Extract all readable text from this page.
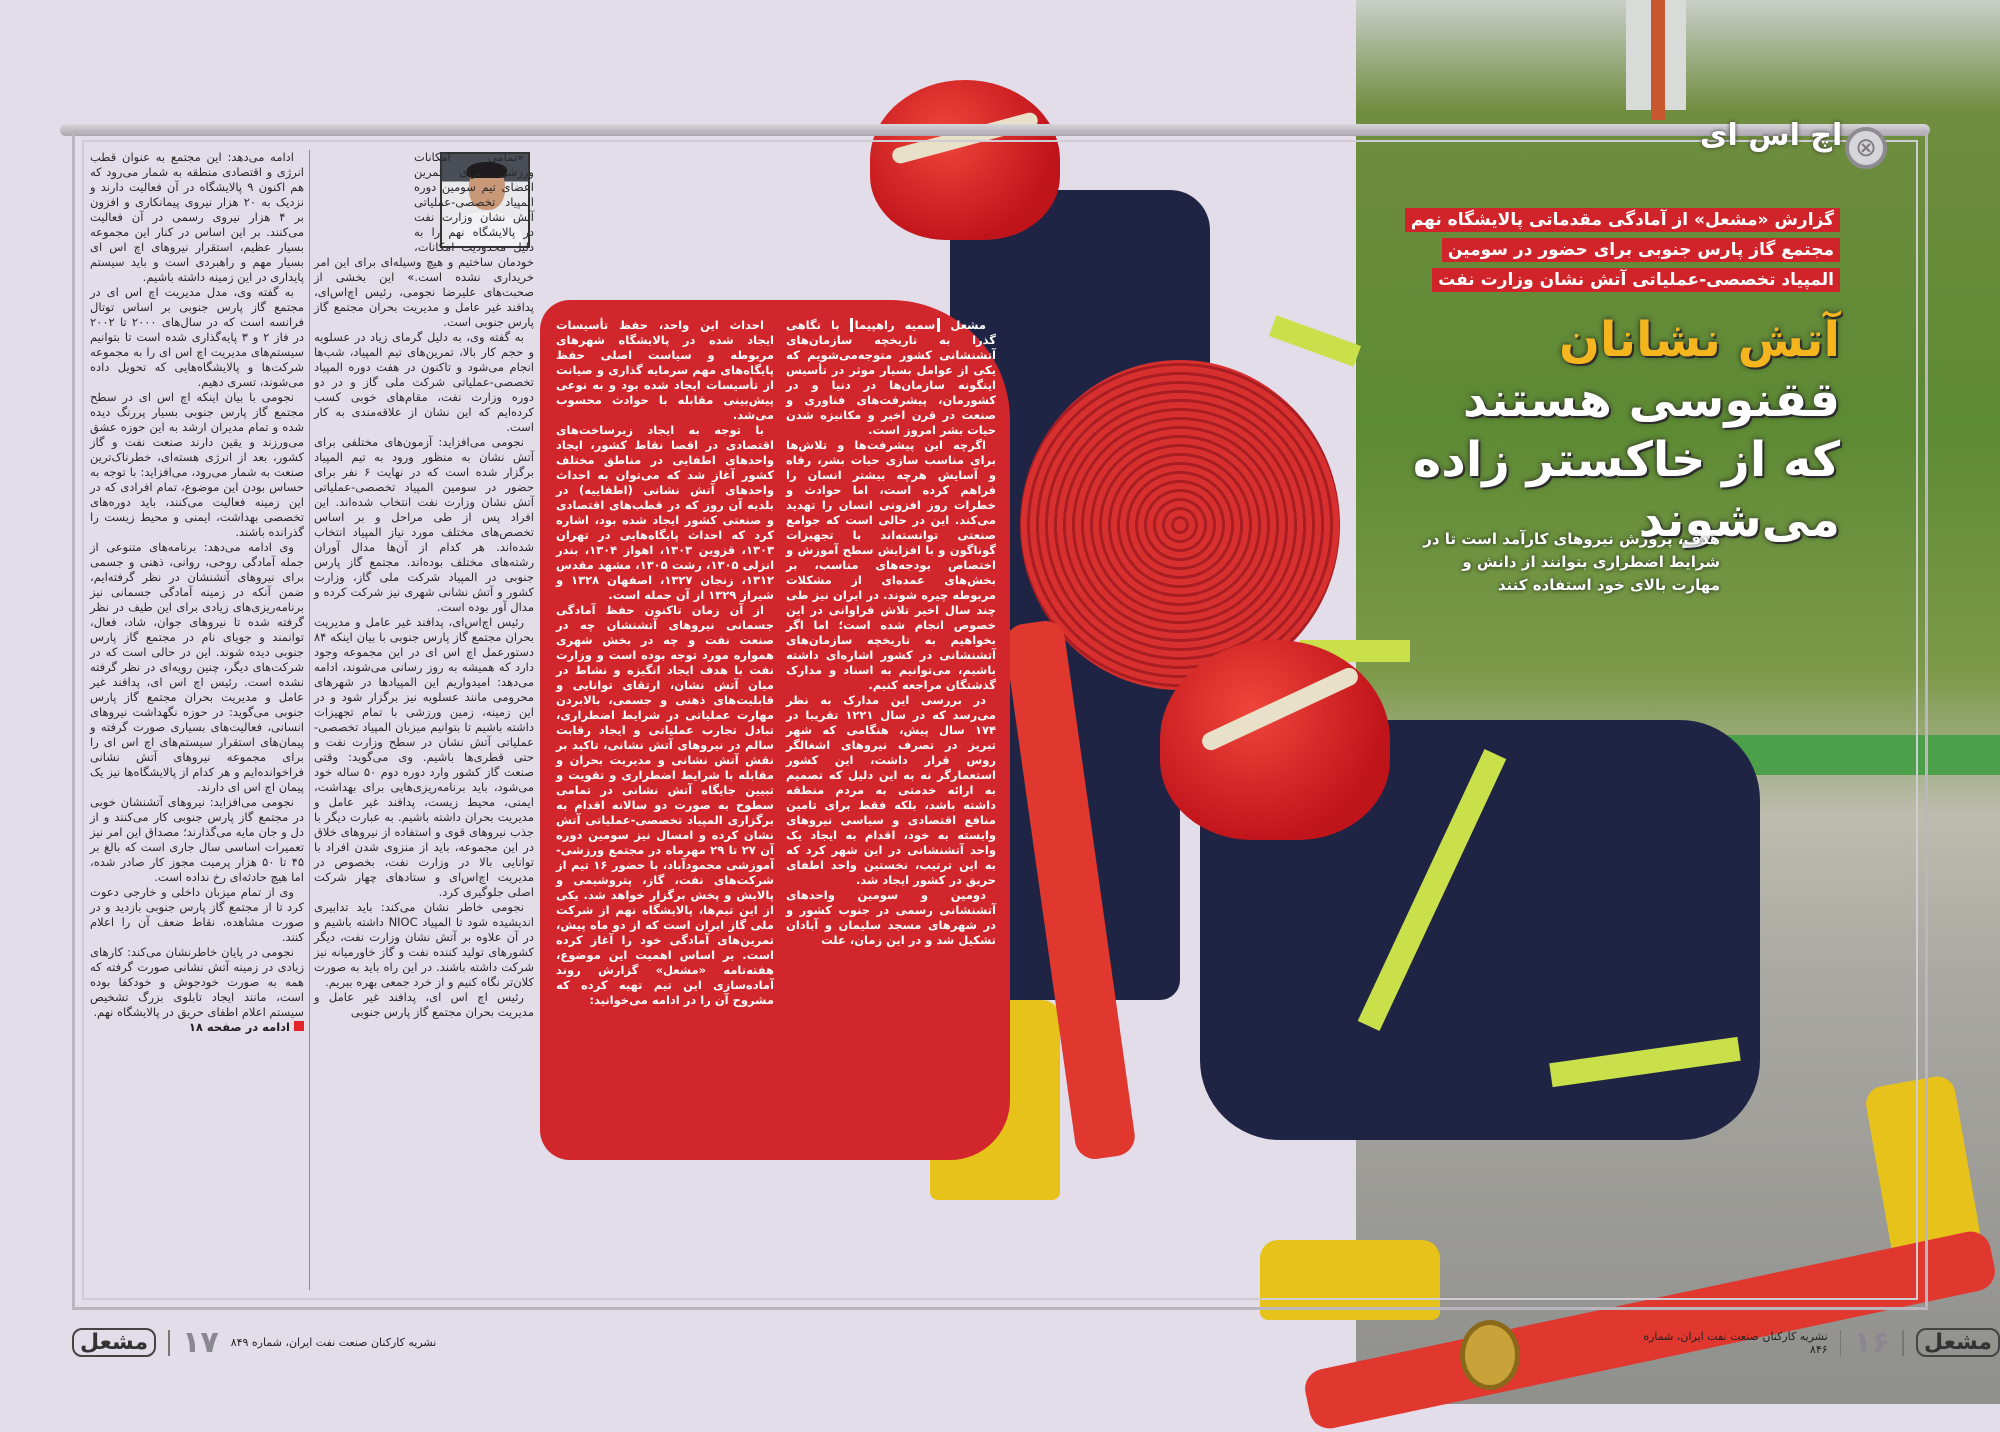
⊗
اچ اس ای
گزارش «مشعل» از آمادگی مقدماتی پالایشگاه نهم مجتمع گاز پارس جنوبی برای حضور در سومین المپیاد تخصصی-عملیاتی آتش نشان وزارت نفت
آتش نشانان
ققنوسی هستند که از خاکستر زاده می‌شوند
هدف، پرورش نیروهای کارآمد است تا در شرایط اضطراری بتوانند از دانش و مهارت بالای خود استفاده کنند

ادامه می‌دهد: این مجتمع به عنوان قطب انرژی و اقتصادی منطقه به شمار می‌رود که هم اکنون ۹ پالایشگاه در آن فعالیت دارند و نزدیک به ۲۰ هزار نیروی پیمانکاری و افزون بر ۴ هزار نیروی رسمی در آن فعالیت می‌کنند. بر این اساس در کنار این مجموعه بسیار عظیم، استقرار نیروهای اچ اس ای بسیار مهم و راهبردی است و باید سیستم پایداری در این زمینه داشته باشیم.

به گفته وی، مدل مدیریت اچ اس ای در مجتمع گاز پارس جنوبی بر اساس توتال فرانسه است که در سال‌های ۲۰۰۰ تا ۲۰۰۲ در فاز ۲ و ۳ پایه‌گذاری شده است تا بتوانیم سیستم‌های مدیریت اچ اس ای را به مجموعه شرکت‌ها و پالایشگاه‌هایی که تحویل داده می‌شوند، تسری دهیم.

نجومی با بیان اینکه اچ اس ای در سطح مجتمع گاز پارس جنوبی بسیار پررنگ دیده شده و تمام مدیران ارشد به این حوزه عشق می‌ورزند و یقین دارند صنعت نفت و گاز کشور، بعد از انرژی هسته‌ای، خطرناک‌ترین صنعت به شمار می‌رود، می‌افزاید: با توجه به حساس بودن این موضوع، تمام افرادی که در این زمینه فعالیت می‌کنند، باید دوره‌های تخصصی بهداشت، ایمنی و محیط زیست را گذرانده باشند.

وی ادامه می‌دهد: برنامه‌های متنوعی از جمله آمادگی روحی، روانی، ذهنی و جسمی برای نیروهای آتشنشان در نظر گرفته‌ایم، ضمن آنکه در زمینه آمادگی جسمانی نیز برنامه‌ریزی‌های زیادی برای این طیف در نظر گرفته شده تا نیروهای جوان، شاد، فعال، توانمند و جویای نام در مجتمع گاز پارس جنوبی دیده شوند. این در حالی است که در شرکت‌های دیگر، چنین رویه‌ای در نظر گرفته نشده است. رئیس اچ اس ای، پدافند غیر عامل و مدیریت بحران مجتمع گاز پارس جنوبی می‌گوید: در حوزه نگهداشت نیروهای انسانی، فعالیت‌های بسیاری صورت گرفته و پیمان‌های استقرار سیستم‌های اچ اس ای را برای مجموعه نیروهای آتش نشانی فراخوانده‌ایم و هر کدام از پالایشگاه‌ها نیز یک پیمان اچ اس ای دارند.

نجومی می‌افزاید: نیروهای آتشنشان خوبی در مجتمع گاز پارس جنوبی کار می‌کنند و از دل و جان مایه می‌گذارند؛ مصداق این امر نیز تعمیرات اساسی سال جاری است که بالغ بر ۴۵ تا ۵۰ هزار پرمیت مجوز کار صادر شده، اما هیچ حادثه‌ای رخ نداده است.

وی از تمام میزبان داخلی و خارجی دعوت کرد تا از مجتمع گاز پارس جنوبی بازدید و در صورت مشاهده، نقاط ضعف آن را اعلام کنند.

نجومی در پایان خاطرنشان می‌کند: کارهای زیادی در زمینه آتش نشانی صورت گرفته که همه به صورت خودجوش و خودکفا بوده است، مانند ایجاد تابلوی بزرگ تشخیص سیستم اعلام اطفای حریق در پالایشگاه نهم.

ادامه در صفحه ۱۸

«تمامی امکانات ورزشی برای تمرین اعضای تیم سومین دوره المپیاد تخصصی-عملیاتی آتش نشان وزارت نفت در پالایشگاه نهم را به دلیل محدودیت امکانات، خودمان ساختیم و هیچ وسیله‌ای برای این امر خریداری نشده است.» این بخشی از صحبت‌های علیرضا نجومی، رئیس اچ‌اس‌ای، پدافند غیر عامل و مدیریت بحران مجتمع گاز پارس جنوبی است.

به گفته وی، به دلیل گرمای زیاد در عسلویه و حجم کار بالا، تمرین‌های تیم المپیاد، شب‌ها انجام می‌شود و تاکنون در هفت دوره المپیاد تخصصی-عملیاتی شرکت ملی گاز و در دو دوره وزارت نفت، مقام‌های خوبی کسب کرده‌ایم که این نشان از علاقه‌مندی به کار است.

نجومی می‌افزاید: آزمون‌های مختلفی برای آتش نشان به منظور ورود به تیم المپیاد برگزار شده است که در نهایت ۶ نفر برای حضور در سومین المپیاد تخصصی-عملیاتی آتش نشان وزارت نفت انتخاب شده‌اند. این افراد پس از طی مراحل و بر اساس تخصص‌های مختلف مورد نیاز المپیاد انتخاب شده‌اند. هر کدام از آن‌ها مدال آوران رشته‌های مختلف بوده‌اند. مجتمع گاز پارس جنوبی در المپیاد شرکت ملی گاز، وزارت کشور و آتش نشانی شهری نیز شرکت کرده و مدال آور بوده است.

رئیس اچ‌اس‌ای، پدافند غیر عامل و مدیریت بحران مجتمع گاز پارس جنوبی با بیان اینکه ۸۴ دستورعمل اچ اس ای در این مجموعه وجود دارد که همیشه به روز رسانی می‌شوند، ادامه می‌دهد: امیدواریم این المپیادها در شهرهای محرومی مانند عسلویه نیز برگزار شود و در این زمینه، زمین ورزشی با تمام تجهیزات داشته باشیم تا بتوانیم میزبان المپیاد تخصصی-عملیاتی آتش نشان در سطح وزارت نفت و حتی قطری‌ها باشیم. وی می‌گوید: وقتی صنعت گاز کشور وارد دوره دوم ۵۰ ساله خود می‌شود، باید برنامه‌ریزی‌هایی برای بهداشت، ایمنی، محیط زیست، پدافند غیر عامل و مدیریت بحران داشته باشیم. به عبارت دیگر با جذب نیروهای قوی و استفاده از نیروهای خلاق در این مجموعه، باید از منزوی شدن افراد با توانایی بالا در وزارت نفت، بخصوص در مدیریت اچ‌اس‌ای و ستادهای چهار شرکت اصلی جلوگیری کرد.

نجومی خاطر نشان می‌کند: باید تدابیری اندیشیده شود تا المپیاد NIOC داشته باشیم و در آن علاوه بر آتش نشان وزارت نفت، دیگر کشورهای تولید کننده نفت و گاز خاورمیانه نیز شرکت داشته باشند. در این راه باید به صورت کلان‌تر نگاه کنیم و از خرد جمعی بهره ببریم.

رئیس اچ اس ای، پدافند غیر عامل و مدیریت بحران مجتمع گاز پارس جنوبی

مشعل سمیه راهپیما با نگاهی گذرا به تاریخچه سازمان‌های آتشنشانی کشور متوجه‌می‌شویم که یکی از عوامل بسیار موثر در تأسیس اینگونه سازمان‌ها در دنیا و در کشورمان، پیشرفت‌های فناوری و صنعت در قرن اخیر و مکانیزه شدن حیات بشر امروز است.

اگرچه این پیشرفت‌ها و تلاش‌ها برای مناسب سازی حیات بشر، رفاه و آسایش هرچه بیشتر انسان را فراهم کرده است، اما حوادث و خطرات روز افزونی انسان را تهدید می‌کند. این در حالی است که جوامع صنعتی توانسته‌اند با تجهیزات گوناگون و با افزایش سطح آموزش و اختصاص بودجه‌های مناسب، بر بخش‌های عمده‌ای از مشکلات مربوطه چیره شوند. در ایران نیز طی چند سال اخیر تلاش فراوانی در این خصوص انجام شده است؛ اما اگر بخواهیم به تاریخچه سازمان‌های آتشنشانی در کشور اشاره‌ای داشته باشیم، می‌توانیم به اسناد و مدارک گذشتگان مراجعه کنیم.

در بررسی این مدارک به نظر می‌رسد که در سال ۱۲۲۱ تقریبا در ۱۷۴ سال پیش، هنگامی که شهر تبریز در تصرف نیروهای اشغالگر روس قرار داشت، این کشور استعمارگر نه به این دلیل که تصمیم به ارائه خدمتی به مردم منطقه داشته باشد، بلکه فقط برای تامین منافع اقتصادی و سیاسی نیروهای وابسته به خود، اقدام به ایجاد یک واحد آتشنشانی در این شهر کرد که به این ترتیب، نخستین واحد اطفای حریق در کشور ایجاد شد.

دومین و سومین واحدهای آتشنشانی رسمی در جنوب کشور و در شهرهای مسجد سلیمان و آبادان تشکیل شد و در این زمان، علت

احداث این واحد، حفظ تأسیسات ایجاد شده در پالایشگاه شهرهای مربوطه و سیاست اصلی حفظ پایگاه‌های مهم سرمایه گذاری و صیانت از تأسیسات ایجاد شده بود و به نوعی پیش‌بینی مقابله با حوادث محسوب می‌شد.

با توجه به ایجاد زیرساخت‌های اقتصادی در اقصا نقاط کشور، ایجاد واحدهای اطفایی در مناطق مختلف کشور آغاز شد که می‌توان به احداث واحدهای آتش نشانی (اطفاییه) در بلدیه آن روز که در قطب‌های اقتصادی و صنعتی کشور ایجاد شده بود، اشاره کرد که احداث پایگاه‌هایی در تهران ۱۳۰۳، قزوین ۱۳۰۳، اهواز ۱۳۰۴، بندر انزلی ۱۳۰۵، رشت ۱۳۰۵، مشهد مقدس ۱۳۱۲، زنجان ۱۳۲۷، اصفهان ۱۳۲۸ و شیراز ۱۳۲۹ از آن جمله است.

از آن زمان تاکنون حفظ آمادگی جسمانی نیروهای آتشنشان چه در صنعت نفت و چه در بخش شهری همواره مورد توجه بوده است و وزارت نفت با هدف ایجاد انگیزه و نشاط در میان آتش نشان، ارتقای توانایی و قابلیت‌های ذهنی و جسمی، بالابردن مهارت عملیاتی در شرایط اضطراری، تبادل تجارب عملیاتی و ایجاد رقابت سالم در نیروهای آتش نشانی، تاکید بر نقش آتش نشانی و مدیریت بحران و مقابله با شرایط اضطراری و تقویت و تبیین جایگاه آتش نشانی در تمامی سطوح به صورت دو سالانه اقدام به برگزاری المپیاد تخصصی-عملیاتی آتش نشان کرده و امسال نیز سومین دوره آن ۲۷ تا ۲۹ مهرماه در مجتمع ورزشی-آموزشی محمودآباد، با حضور ۱۶ تیم از شرکت‌های نفت، گاز، پتروشیمی و پالایش و پخش برگزار خواهد شد. یکی از این تیم‌ها، پالایشگاه نهم از شرکت ملی گاز ایران است که از دو ماه پیش، تمرین‌های آمادگی خود را آغاز کرده است. بر اساس اهمیت این موضوع، هفته‌نامه «مشعل» گزارش روند آماده‌سازی این تیم تهیه کرده که مشروح آن را در ادامه می‌خوانید:

مشعل ۱۷ نشریه کارکنان صنعت نفت ایران، شماره ۸۴۹	نشریه کارکنان صنعت نفت ایران، شماره ۸۴۶ ۱۶	مشعل
